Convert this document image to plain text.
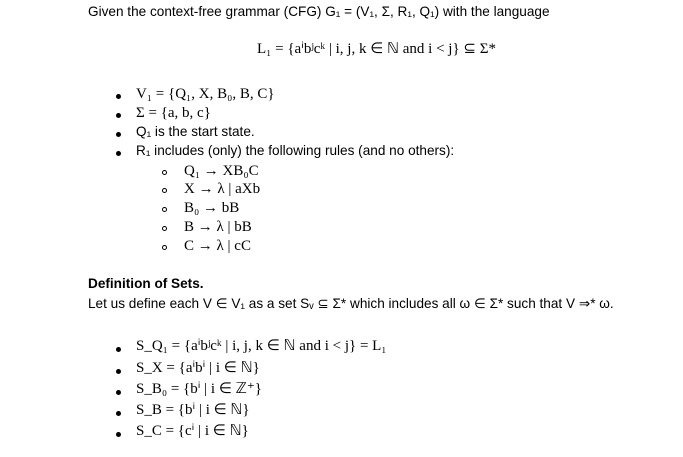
Given the context-free grammar (CFG) G₁ = (V₁, Σ, R₁, Q₁) with the language
L₁ = {aⁱbʲcᵏ | i, j, k ∈ ℕ and i < j} ⊆ Σ*
V₁ = {Q₁, X, B₀, B, C}
Σ = {a, b, c}
Q₁ is the start state.
R₁ includes (only) the following rules (and no others):
Q₁ → XB₀C
X → λ | aXb
B₀ → bB
B → λ | bB
C → λ | cC
Definition of Sets.
Let us define each V ∈ V₁ as a set Sᵥ ⊆ Σ* which includes all ω ∈ Σ* such that V ⇒* ω.
S_Q₁ = {aⁱbʲcᵏ | i, j, k ∈ ℕ and i < j} = L₁
S_X = {aⁱbⁱ | i ∈ ℕ}
S_B₀ = {bⁱ | i ∈ ℤ⁺}
S_B = {bⁱ | i ∈ ℕ}
S_C = {cⁱ | i ∈ ℕ}
